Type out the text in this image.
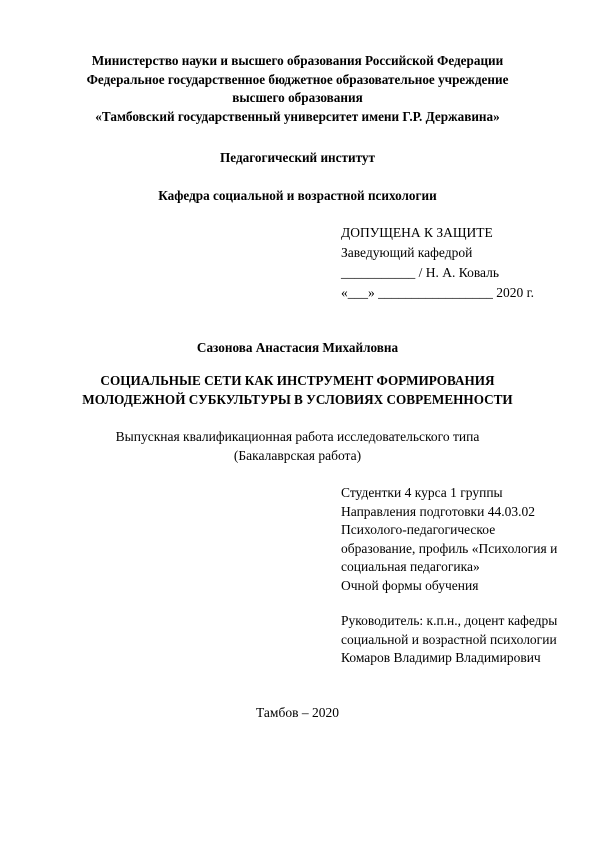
Министерство науки и высшего образования Российской Федерации
Федеральное государственное бюджетное образовательное учреждение
высшего образования
«Тамбовский государственный университет имени Г.Р. Державина»
Педагогический институт
Кафедра социальной и возрастной психологии
ДОПУЩЕНА К ЗАЩИТЕ
Заведующий кафедрой
___________ / Н. А. Коваль
«___» _________________ 2020 г.
Сазонова Анастасия Михайловна
СОЦИАЛЬНЫЕ СЕТИ КАК ИНСТРУМЕНТ ФОРМИРОВАНИЯ
МОЛОДЕЖНОЙ СУБКУЛЬТУРЫ В УСЛОВИЯХ СОВРЕМЕННОСТИ
Выпускная квалификационная работа исследовательского типа
(Бакалаврская работа)
Студентки 4 курса 1 группы
Направления подготовки 44.03.02
Психолого-педагогическое
образование, профиль «Психология и
социальная педагогика»
Очной формы обучения
Руководитель: к.п.н., доцент кафедры
социальной и возрастной психологии
Комаров Владимир Владимирович
Тамбов – 2020
